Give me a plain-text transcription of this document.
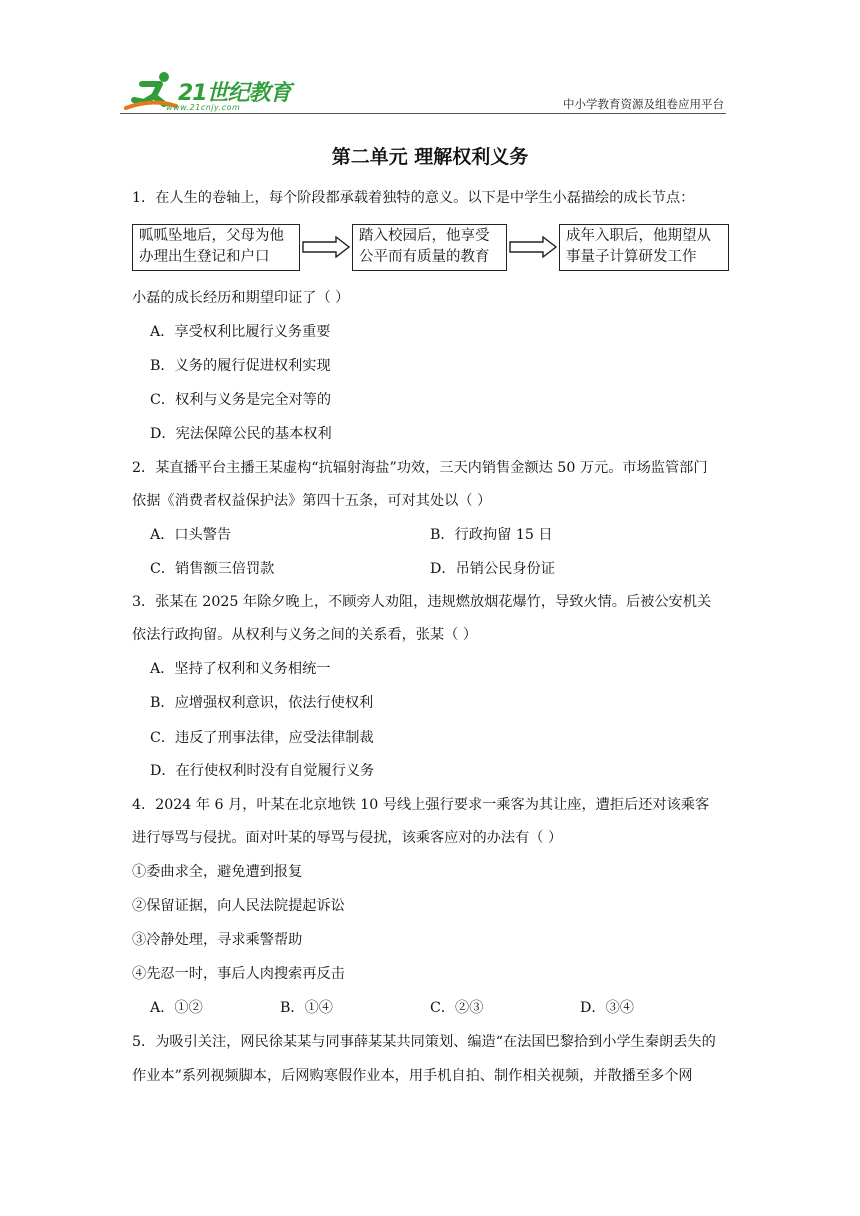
21世纪教育
www.21cnjy.com	中小学教育资源及组卷应用平台
第二单元 理解权利义务
1．在人生的卷轴上，每个阶段都承载着独特的意义。以下是中学生小磊描绘的成长节点：
呱呱坠地后，父母为他
办理出生登记和户口
踏入校园后，他享受
公平而有质量的教育
成年入职后，他期望从
事量子计算研发工作
小磊的成长经历和期望印证了（ ）
A．享受权利比履行义务重要
B．义务的履行促进权利实现
C．权利与义务是完全对等的
D．宪法保障公民的基本权利
2．某直播平台主播王某虚构“抗辐射海盐”功效，三天内销售金额达 50 万元。市场监管部门
依据《消费者权益保护法》第四十五条，可对其处以（ ）
A．口头警告	B．行政拘留 15 日
C．销售额三倍罚款	D．吊销公民身份证
3．张某在 2025 年除夕晚上，不顾旁人劝阻，违规燃放烟花爆竹，导致火情。后被公安机关
依法行政拘留。从权利与义务之间的关系看，张某（ ）
A．坚持了权利和义务相统一
B．应增强权利意识，依法行使权利
C．违反了刑事法律，应受法律制裁
D．在行使权利时没有自觉履行义务
4．2024 年 6 月，叶某在北京地铁 10 号线上强行要求一乘客为其让座，遭拒后还对该乘客
进行辱骂与侵扰。面对叶某的辱骂与侵扰，该乘客应对的办法有（ ）
①委曲求全，避免遭到报复
②保留证据，向人民法院提起诉讼
③冷静处理，寻求乘警帮助
④先忍一时，事后人肉搜索再反击
A．①②	B．①④	C．②③	D．③④
5．为吸引关注，网民徐某某与同事薛某某共同策划、编造“在法国巴黎拾到小学生秦朗丢失的
作业本”系列视频脚本，后网购寒假作业本，用手机自拍、制作相关视频，并散播至多个网
